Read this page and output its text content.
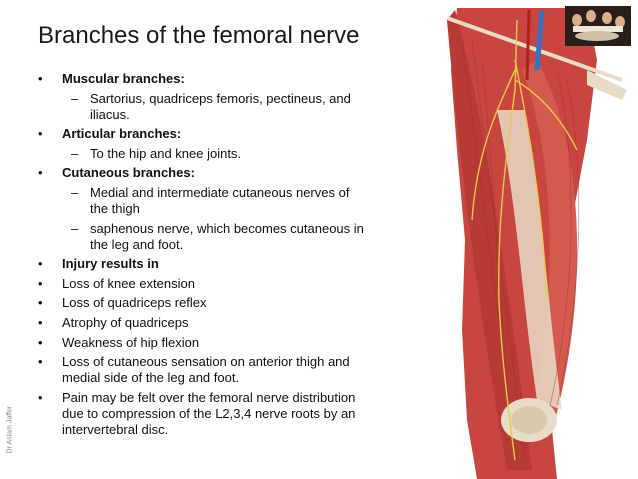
Branches of the femoral nerve
•	Muscular branches:
– Sartorius, quadriceps femoris, pectineus, and iliacus.
•	Articular branches:
– To the hip and knee joints.
•	Cutaneous branches:
– Medial and intermediate cutaneous nerves of the thigh
– saphenous nerve, which becomes cutaneous in the leg and foot.
•	Injury results in
•	Loss of knee extension
•	Loss of quadriceps reflex
•	Atrophy of quadriceps
•	Weakness of hip flexion
•	Loss of cutaneous sensation on anterior thigh and medial side of the leg and foot.
•	Pain may be felt over the femoral nerve distribution due to compression of the L2,3,4 nerve roots by an intervertebral disc.
Dr Aslam Jaffer
